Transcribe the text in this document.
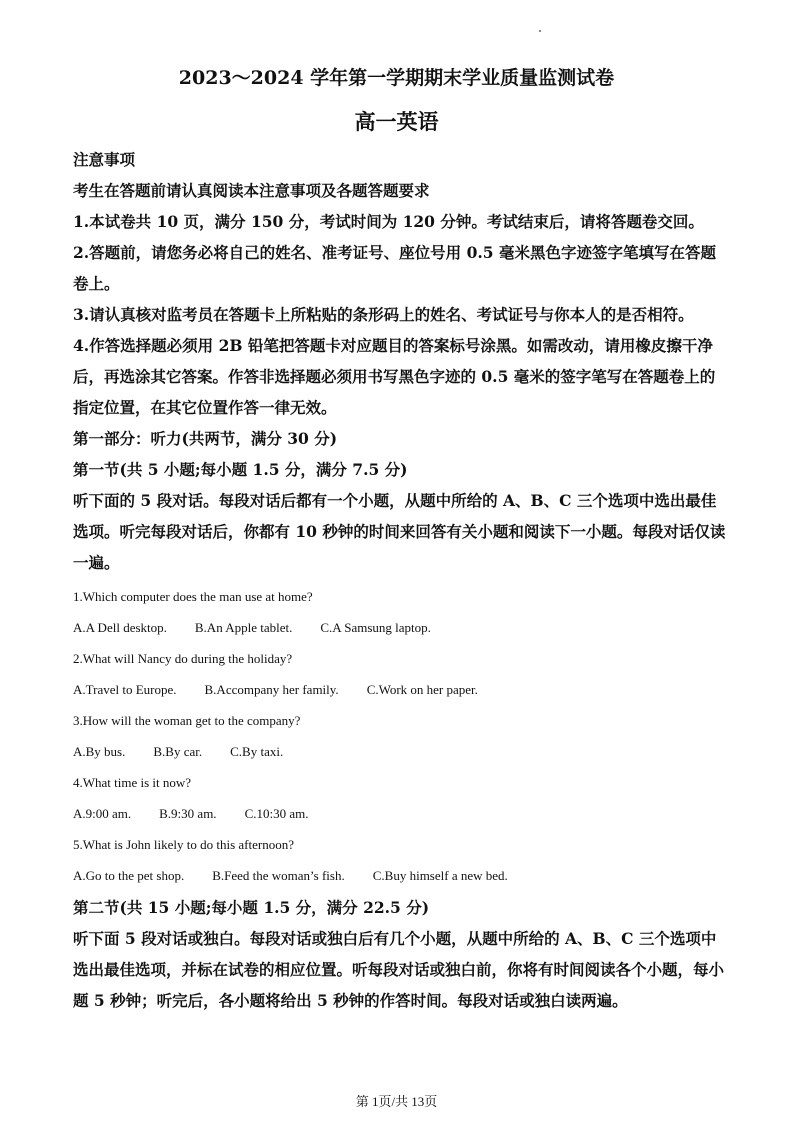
2023～2024 学年第一学期期末学业质量监测试卷
高一英语

注意事项

考生在答题前请认真阅读本注意事项及各题答题要求

1.本试卷共 10 页，满分 150 分，考试时间为 120 分钟。考试结束后，请将答题卷交回。

2.答题前，请您务必将自己的姓名、准考证号、座位号用 0.5 毫米黑色字迹签字笔填写在答题卷上。

3.请认真核对监考员在答题卡上所粘贴的条形码上的姓名、考试证号与你本人的是否相符。

4.作答选择题必须用 2B 铅笔把答题卡对应题目的答案标号涂黑。如需改动，请用橡皮擦干净后，再选涂其它答案。作答非选择题必须用书写黑色字迹的 0.5 毫米的签字笔写在答题卷上的指定位置，在其它位置作答一律无效。

第一部分：听力(共两节，满分 30 分)

第一节(共 5 小题;每小题 1.5 分，满分 7.5 分)

听下面的 5 段对话。每段对话后都有一个小题，从题中所给的 A、B、C 三个选项中选出最佳选项。听完每段对话后，你都有 10 秒钟的时间来回答有关小题和阅读下一小题。每段对话仅读一遍。

1.Which computer does the man use at home?

A.A Dell desktop. B.An Apple tablet. C.A Samsung laptop.

2.What will Nancy do during the holiday?

A.Travel to Europe. B.Accompany her family. C.Work on her paper.

3.How will the woman get to the company?

A.By bus. B.By car. C.By taxi.

4.What time is it now?

A.9:00 am. B.9:30 am. C.10:30 am.

5.What is John likely to do this afternoon?

A.Go to the pet shop. B.Feed the woman’s fish. C.Buy himself a new bed.

第二节(共 15 小题;每小题 1.5 分，满分 22.5 分)

听下面 5 段对话或独白。每段对话或独白后有几个小题，从题中所给的 A、B、C 三个选项中选出最佳选项，并标在试卷的相应位置。听每段对话或独白前，你将有时间阅读各个小题，每小题 5 秒钟；听完后，各小题将给出 5 秒钟的作答时间。每段对话或独白读两遍。

第 1页/共 13页
